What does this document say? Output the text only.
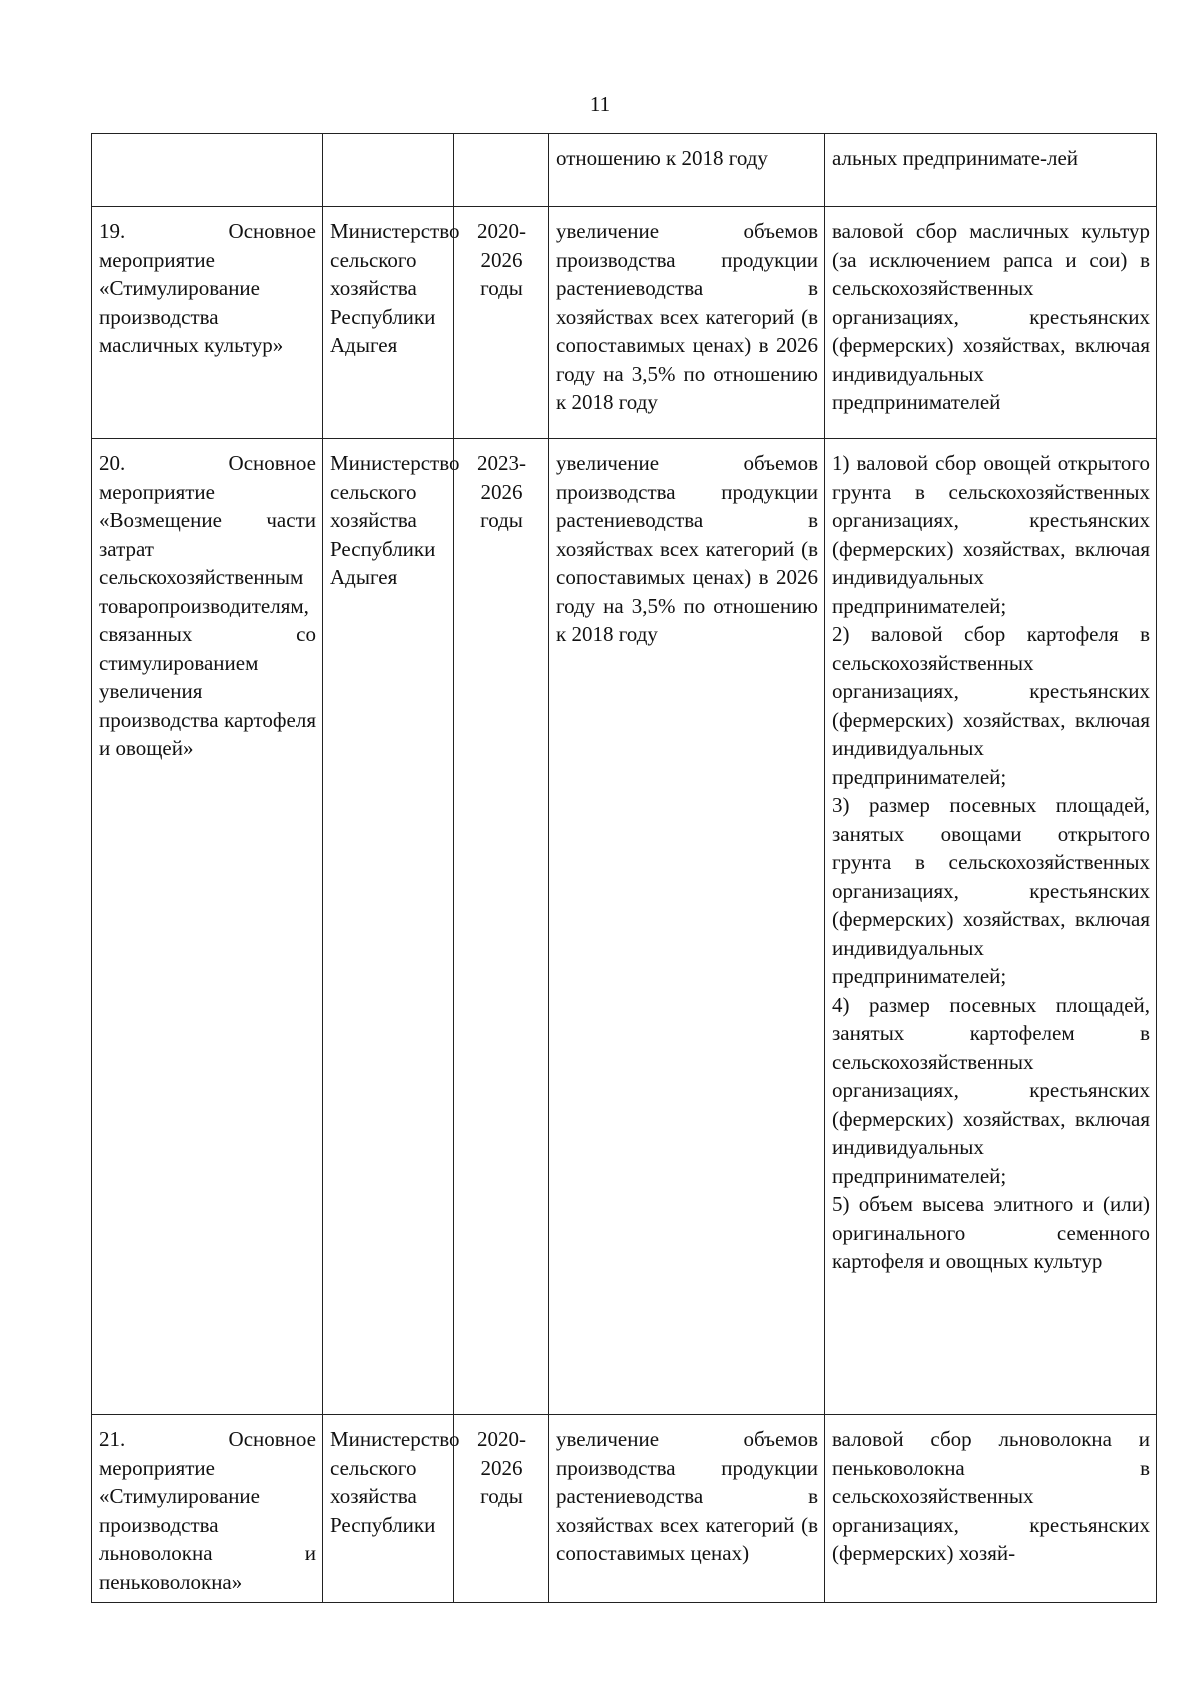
11
			отношению к 2018 году	альных предпринимате-лей
19. Основное мероприятие «Стимулирование производства масличных культур»	Министерство сельского хозяйства Республики Адыгея	2020-2026 годы	увеличение объемов производства продукции растениеводства в хозяйствах всех категорий (в сопоставимых ценах) в 2026 году на 3,5% по отношению к 2018 году	валовой сбор масличных культур (за исключением рапса и сои) в сельскохозяйственных организациях, крестьянских (фермерских) хозяйствах, включая индивидуальных предпринимателей
20. Основное мероприятие «Возмещение части затрат сельскохозяйственным товаропроизводителям, связанных со стимулированием увеличения производства картофеля и овощей»	Министерство сельского хозяйства Республики Адыгея	2023-2026 годы	увеличение объемов производства продукции растениеводства в хозяйствах всех категорий (в сопоставимых ценах) в 2026 году на 3,5% по отношению к 2018 году	1) валовой сбор овощей открытого грунта в сельскохозяйственных организациях, крестьянских (фермерских) хозяйствах, включая индивидуальных предпринимателей;
2) валовой сбор картофеля в сельскохозяйственных организациях, крестьянских (фермерских) хозяйствах, включая индивидуальных предпринимателей;
3) размер посевных площадей, занятых овощами открытого грунта в сельскохозяйственных организациях, крестьянских (фермерских) хозяйствах, включая индивидуальных предпринимателей;
4) размер посевных площадей, занятых картофелем в сельскохозяйственных организациях, крестьянских (фермерских) хозяйствах, включая индивидуальных предпринимателей;
5) объем высева элитного и (или) оригинального семенного картофеля и овощных культур

21. Основное мероприятие «Стимулирование производства льноволокна и пеньковолокна»	Министерство сельского хозяйства Республики	2020-2026 годы	увеличение объемов производства продукции растениеводства в хозяйствах всех категорий (в сопоставимых ценах)	валовой сбор льноволокна и пеньковолокна в сельскохозяйственных организациях, крестьянских (фермерских) хозяй-
